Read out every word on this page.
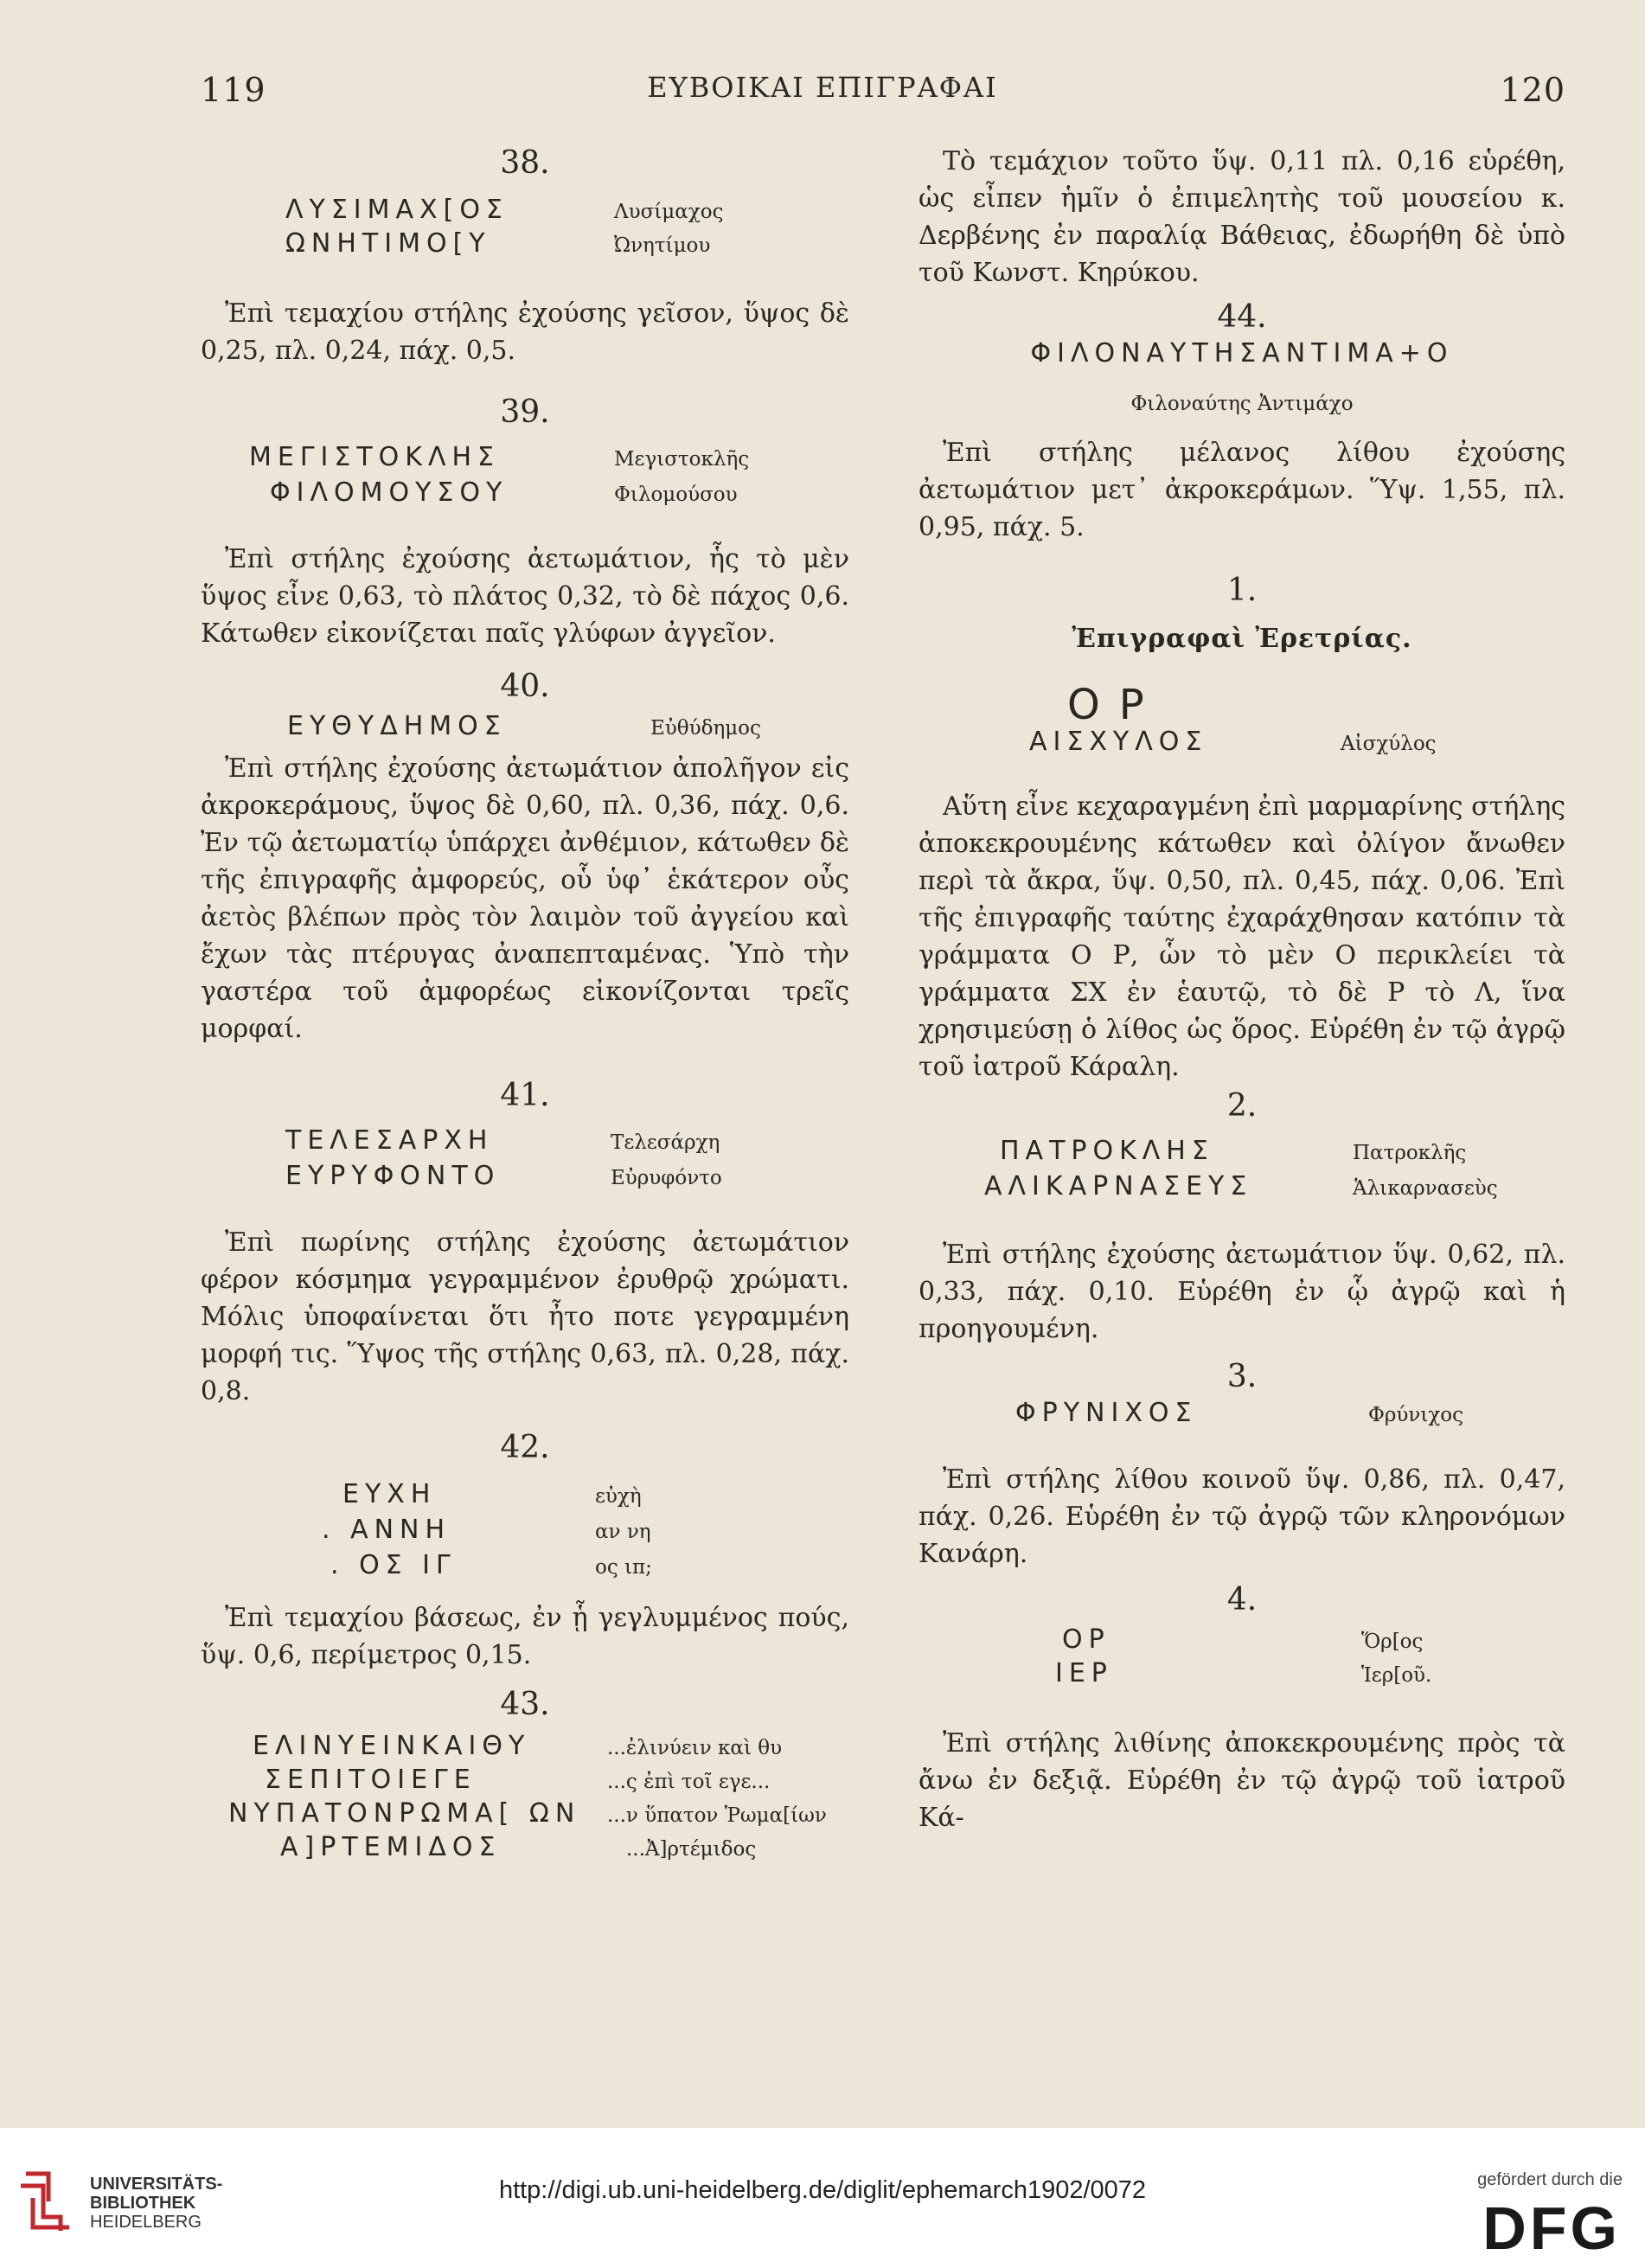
119	ΕΥΒΟΙΚΑΙ ΕΠΙΓΡΑΦΑΙ	120

38.

ΛΥΣΙΜΑΧ[ΟΣ	Λυσίμαχος
ΩΝΗΤΙΜΟ[Υ	Ὠνητίμου

Ἐπὶ τεμαχίου στήλης ἐχούσης γεῖσον, ὕψος δὲ 0,25, πλ. 0,24, πάχ. 0,5.

39.

ΜΕΓΙΣΤΟΚΛΗΣ	Μεγιστοκλῆς
ΦΙΛΟΜΟΥΣΟΥ	Φιλομούσου

Ἐπὶ στήλης ἐχούσης ἀετωμάτιον, ἧς τὸ μὲν ὕψος εἶνε 0,63, τὸ πλάτος 0,32, τὸ δὲ πάχος 0,6. Κάτωθεν εἰκονίζεται παῖς γλύφων ἀγγεῖον.

40.

ΕΥΘΥΔΗΜΟΣ	Εὐθύδημος

Ἐπὶ στήλης ἐχούσης ἀετωμάτιον ἀπολῆγον εἰς ἀκροκεράμους, ὕψος δὲ 0,60, πλ. 0,36, πάχ. 0,6. Ἐν τῷ ἀετωματίῳ ὑπάρχει ἀνθέμιον, κάτωθεν δὲ τῆς ἐπιγραφῆς ἀμφορεύς, οὗ ὑφ᾽ ἑκάτερον οὖς ἀετὸς βλέπων πρὸς τὸν λαιμὸν τοῦ ἀγγείου καὶ ἔχων τὰς πτέρυγας ἀναπεπταμένας. Ὑπὸ τὴν γαστέρα τοῦ ἀμφορέως εἰκονίζονται τρεῖς μορφαί.

41.

ΤΕΛΕΣΑΡΧΗ	Τελεσάρχη
ΕΥΡΥΦΟΝΤΟ	Εὐρυφόντο

Ἐπὶ πωρίνης στήλης ἐχούσης ἀετωμάτιον φέρον κόσμημα γεγραμμένον ἐρυθρῷ χρώματι. Μόλις ὑποφαίνεται ὅτι ἦτο ποτε γεγραμμένη μορφή τις. Ὕψος τῆς στήλης 0,63, πλ. 0,28, πάχ. 0,8.

42.

ΕΥΧΗ	εὐχὴ
. ΑΝΝΗ	αν νη
. ΟΣ ΙΓ	ος ιπ;

Ἐπὶ τεμαχίου βάσεως, ἐν ᾗ γεγλυμμένος πούς, ὕψ. 0,6, περίμετρος 0,15.

43.

ΕΛΙΝΥΕΙΝΚΑΙΘΥ	...ἐλινύειν καὶ θυ
ΣΕΠΙΤΟΙΕΓΕ	...ς ἐπὶ τοῖ εγε...
ΝΥΠΑΤΟΝΡΩΜΑ[ ΩΝ	...ν ὕπατον Ῥωμα[ίων
Α]ΡΤΕΜΙΔΟΣ	...Ἀ]ρτέμιδος

Τὸ τεμάχιον τοῦτο ὕψ. 0,11 πλ. 0,16 εὑρέθη, ὡς εἶπεν ἡμῖν ὁ ἐπιμελητὴς τοῦ μουσείου κ. Δερβένης ἐν παραλίᾳ Βάθειας, ἐδωρήθη δὲ ὑπὸ τοῦ Κωνστ. Κηρύκου.

44.

ΦΙΛΟΝΑΥΤΗΣΑΝΤΙΜΑ+Ο

Φιλοναύτης Ἀντιμάχο

Ἐπὶ στήλης μέλανος λίθου ἐχούσης ἀετωμάτιον μετ᾽ ἀκροκεράμων. Ὕψ. 1,55, πλ. 0,95, πάχ. 5.

1.

Ἐπιγραφαὶ Ἐρετρίας.

ΟΡ

ΑΙΣΧΥΛΟΣ	Αἰσχύλος

Αὕτη εἶνε κεχαραγμένη ἐπὶ μαρμαρίνης στήλης ἀποκεκρουμένης κάτωθεν καὶ ὀλίγον ἄνωθεν περὶ τὰ ἄκρα, ὕψ. 0,50, πλ. 0,45, πάχ. 0,06. Ἐπὶ τῆς ἐπιγραφῆς ταύτης ἐχαράχθησαν κατόπιν τὰ γράμματα Ο Ρ, ὧν τὸ μὲν Ο περικλείει τὰ γράμματα ΣΧ ἐν ἑαυτῷ, τὸ δὲ Ρ τὸ Λ, ἵνα χρησιμεύσῃ ὁ λίθος ὡς ὅρος. Εὑρέθη ἐν τῷ ἀγρῷ τοῦ ἰατροῦ Κάραλη.

2.

ΠΑΤΡΟΚΛΗΣ	Πατροκλῆς
ΑΛΙΚΑΡΝΑΣΕΥΣ	Ἁλικαρνασεὺς

Ἐπὶ στήλης ἐχούσης ἀετωμάτιον ὕψ. 0,62, πλ. 0,33, πάχ. 0,10. Εὑρέθη ἐν ᾧ ἀγρῷ καὶ ἡ προηγουμένη.

3.

ΦΡΥΝΙΧΟΣ	Φρύνιχος

Ἐπὶ στήλης λίθου κοινοῦ ὕψ. 0,86, πλ. 0,47, πάχ. 0,26. Εὑρέθη ἐν τῷ ἀγρῷ τῶν κληρονόμων Κανάρη.

4.

ΟΡ	Ὅρ[ος
ΙΕΡ	Ἱερ[οῦ.

Ἐπὶ στήλης λιθίνης ἀποκεκρουμένης πρὸς τὰ ἄνω ἐν δεξιᾷ. Εὑρέθη ἐν τῷ ἀγρῷ τοῦ ἰατροῦ Κά-

UNIVERSITÄTS-
BIBLIOTHEK
HEIDELBERG
http://digi.ub.uni-heidelberg.de/diglit/ephemarch1902/0072	gefördert durch die
DFG
